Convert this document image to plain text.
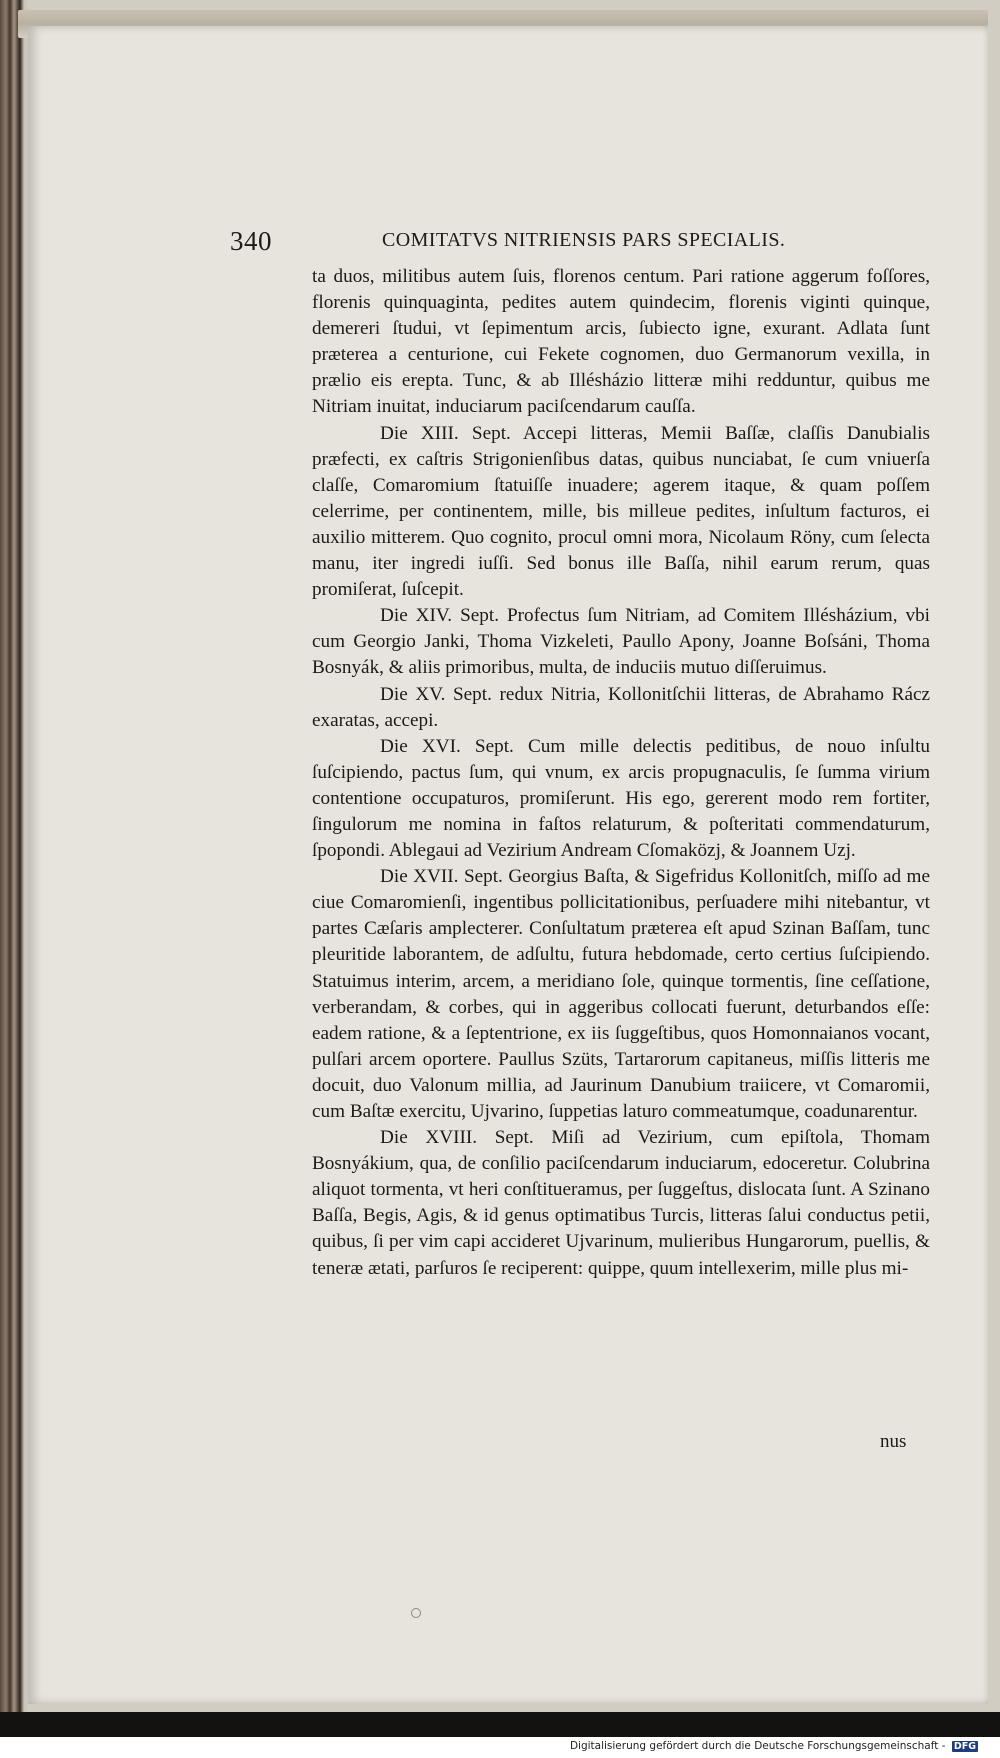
340	COMITATVS NITRIENSIS PARS SPECIALIS.

ta duos, militibus autem ſuis, florenos centum. Pari ratione aggerum foſſores, florenis quinquaginta, pedites autem quindecim, florenis viginti quinque, demereri ſtudui, vt ſepimentum arcis, ſubiecto igne, exurant. Adlata ſunt præterea a centurione, cui Fekete cognomen, duo Germanorum vexilla, in prælio eis erepta. Tunc, & ab Illésházio litteræ mihi redduntur, quibus me Nitriam inuitat, induciarum paciſcendarum cauſſa.

Die XIII. Sept. Accepi litteras, Memii Baſſæ, claſſis Danubialis præfecti, ex caſtris Strigonienſibus datas, quibus nunciabat, ſe cum vniuerſa claſſe, Comaromium ſtatuiſſe inuadere; agerem itaque, & quam poſſem celerrime, per continentem, mille, bis milleue pedites, inſultum facturos, ei auxilio mitterem. Quo cognito, procul omni mora, Nicolaum Röny, cum ſelecta manu, iter ingredi iuſſi. Sed bonus ille Baſſa, nihil earum rerum, quas promiſerat, ſuſcepit.

Die XIV. Sept. Profectus ſum Nitriam, ad Comitem Illésházium, vbi cum Georgio Janki, Thoma Vizkeleti, Paullo Apony, Joanne Boſsáni, Thoma Bosnyák, & aliis primoribus, multa, de induciis mutuo diſſeruimus.

Die XV. Sept. redux Nitria, Kollonitſchii litteras, de Abrahamo Rácz exaratas, accepi.

Die XVI. Sept. Cum mille delectis peditibus, de nouo inſultu ſuſcipiendo, pactus ſum, qui vnum, ex arcis propugnaculis, ſe ſumma virium contentione occupaturos, promiſerunt. His ego, gererent modo rem fortiter, ſingulorum me nomina in faſtos relaturum, & poſteritati commendaturum, ſpopondi. Ablegaui ad Vezirium Andream Cſomaközj, & Joannem Uzj.

Die XVII. Sept. Georgius Baſta, & Sigefridus Kollonitſch, miſſo ad me ciue Comaromienſi, ingentibus pollicitationibus, perſuadere mihi nitebantur, vt partes Cæſaris amplecterer. Conſultatum præterea eſt apud Szinan Baſſam, tunc pleuritide laborantem, de adſultu, futura hebdomade, certo certius ſuſcipiendo. Statuimus interim, arcem, a meridiano ſole, quinque tormentis, ſine ceſſatione, verberandam, & corbes, qui in aggeribus collocati fuerunt, deturbandos eſſe: eadem ratione, & a ſeptentrione, ex iis ſuggeſtibus, quos Homonnaianos vocant, pulſari arcem oportere. Paullus Szüts, Tartarorum capitaneus, miſſis litteris me docuit, duo Valonum millia, ad Jaurinum Danubium traiicere, vt Comaromii, cum Baſtæ exercitu, Ujvarino, ſuppetias laturo commeatumque, coadunarentur.

Die XVIII. Sept. Miſi ad Vezirium, cum epiſtola, Thomam Bosnyákium, qua, de conſilio paciſcendarum induciarum, edoceretur. Colubrina aliquot tormenta, vt heri conſtitueramus, per ſuggeſtus, dislocata ſunt. A Szinano Baſſa, Begis, Agis, & id genus optimatibus Turcis, litteras ſalui conductus petii, quibus, ſi per vim capi accideret Ujvarinum, mulieribus Hungarorum, puellis, & teneræ ætati, parſuros ſe reciperent: quippe, quum intellexerim, mille plus mi-

nus
Digitalisierung gefördert durch die Deutsche Forschungsgemeinschaft - DFG
